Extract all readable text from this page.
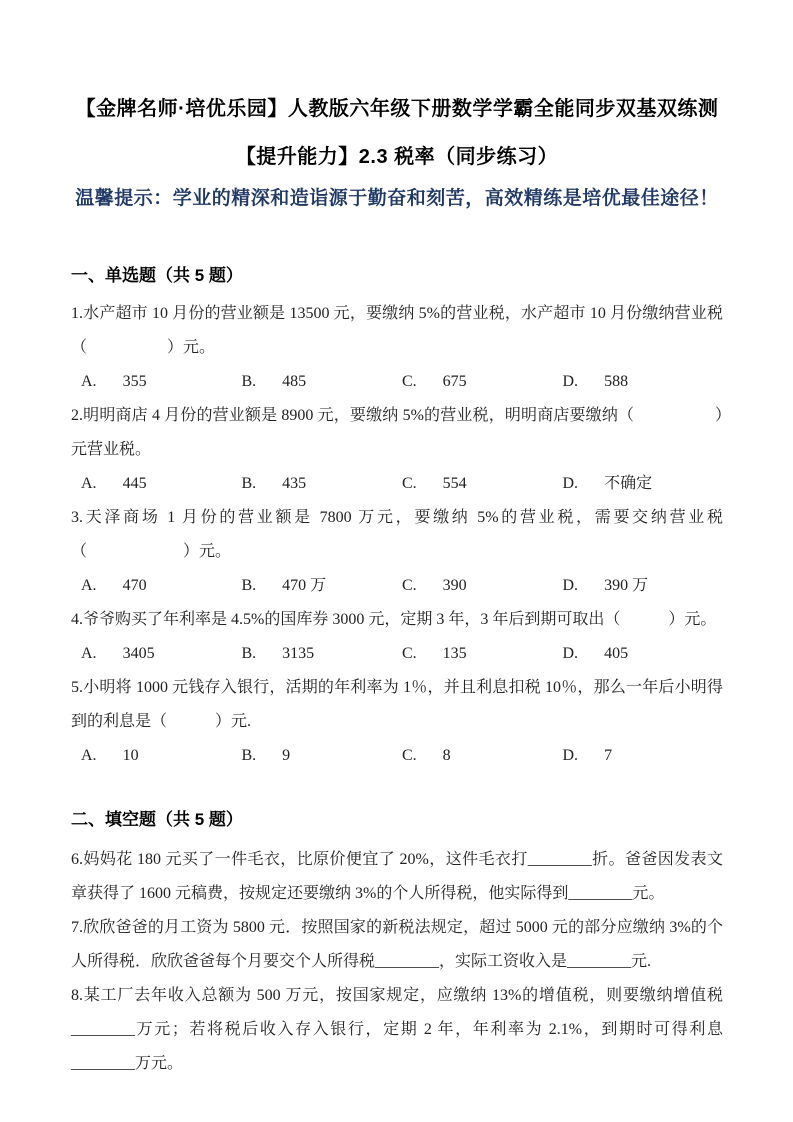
【金牌名师·培优乐园】人教版六年级下册数学学霸全能同步双基双练测
【提升能力】2.3 税率（同步练习）
温馨提示：学业的精深和造诣源于勤奋和刻苦，高效精练是培优最佳途径！
一、单选题（共 5 题）

1.水产超市 10 月份的营业额是 13500 元，要缴纳 5%的营业税，水产超市 10 月份缴纳营业税（　　　　　）元。

A. 355	B. 485	C. 675	D. 588

2.明明商店 4 月份的营业额是 8900 元，要缴纳 5%的营业税，明明商店要缴纳（　　　　　）元营业税。

A. 445	B. 435	C. 554	D. 不确定

3.天泽商场 1 月份的营业额是 7800 万元，要缴纳 5%的营业税，需要交纳营业税（　　　　　　）元。

A. 470	B. 470 万	C. 390	D. 390 万

4.爷爷购买了年利率是 4.5%的国库券 3000 元，定期 3 年，3 年后到期可取出（　　　）元。

A. 3405	B. 3135	C. 135	D. 405

5.小明将 1000 元钱存入银行，活期的年利率为 1％，并且利息扣税 10％，那么一年后小明得到的利息是（　　　）元.

A. 10	B. 9	C. 8	D. 7
二、填空题（共 5 题）

6.妈妈花 180 元买了一件毛衣，比原价便宜了 20%，这件毛衣打________折。爸爸因发表文章获得了 1600 元稿费，按规定还要缴纳 3%的个人所得税，他实际得到________元。

7.欣欣爸爸的月工资为 5800 元．按照国家的新税法规定，超过 5000 元的部分应缴纳 3%的个人所得税．欣欣爸爸每个月要交个人所得税________，实际工资收入是________元.

8.某工厂去年收入总额为 500 万元，按国家规定，应缴纳 13%的增值税，则要缴纳增值税________万元；若将税后收入存入银行，定期 2 年，年利率为 2.1%，到期时可得利息________万元。
